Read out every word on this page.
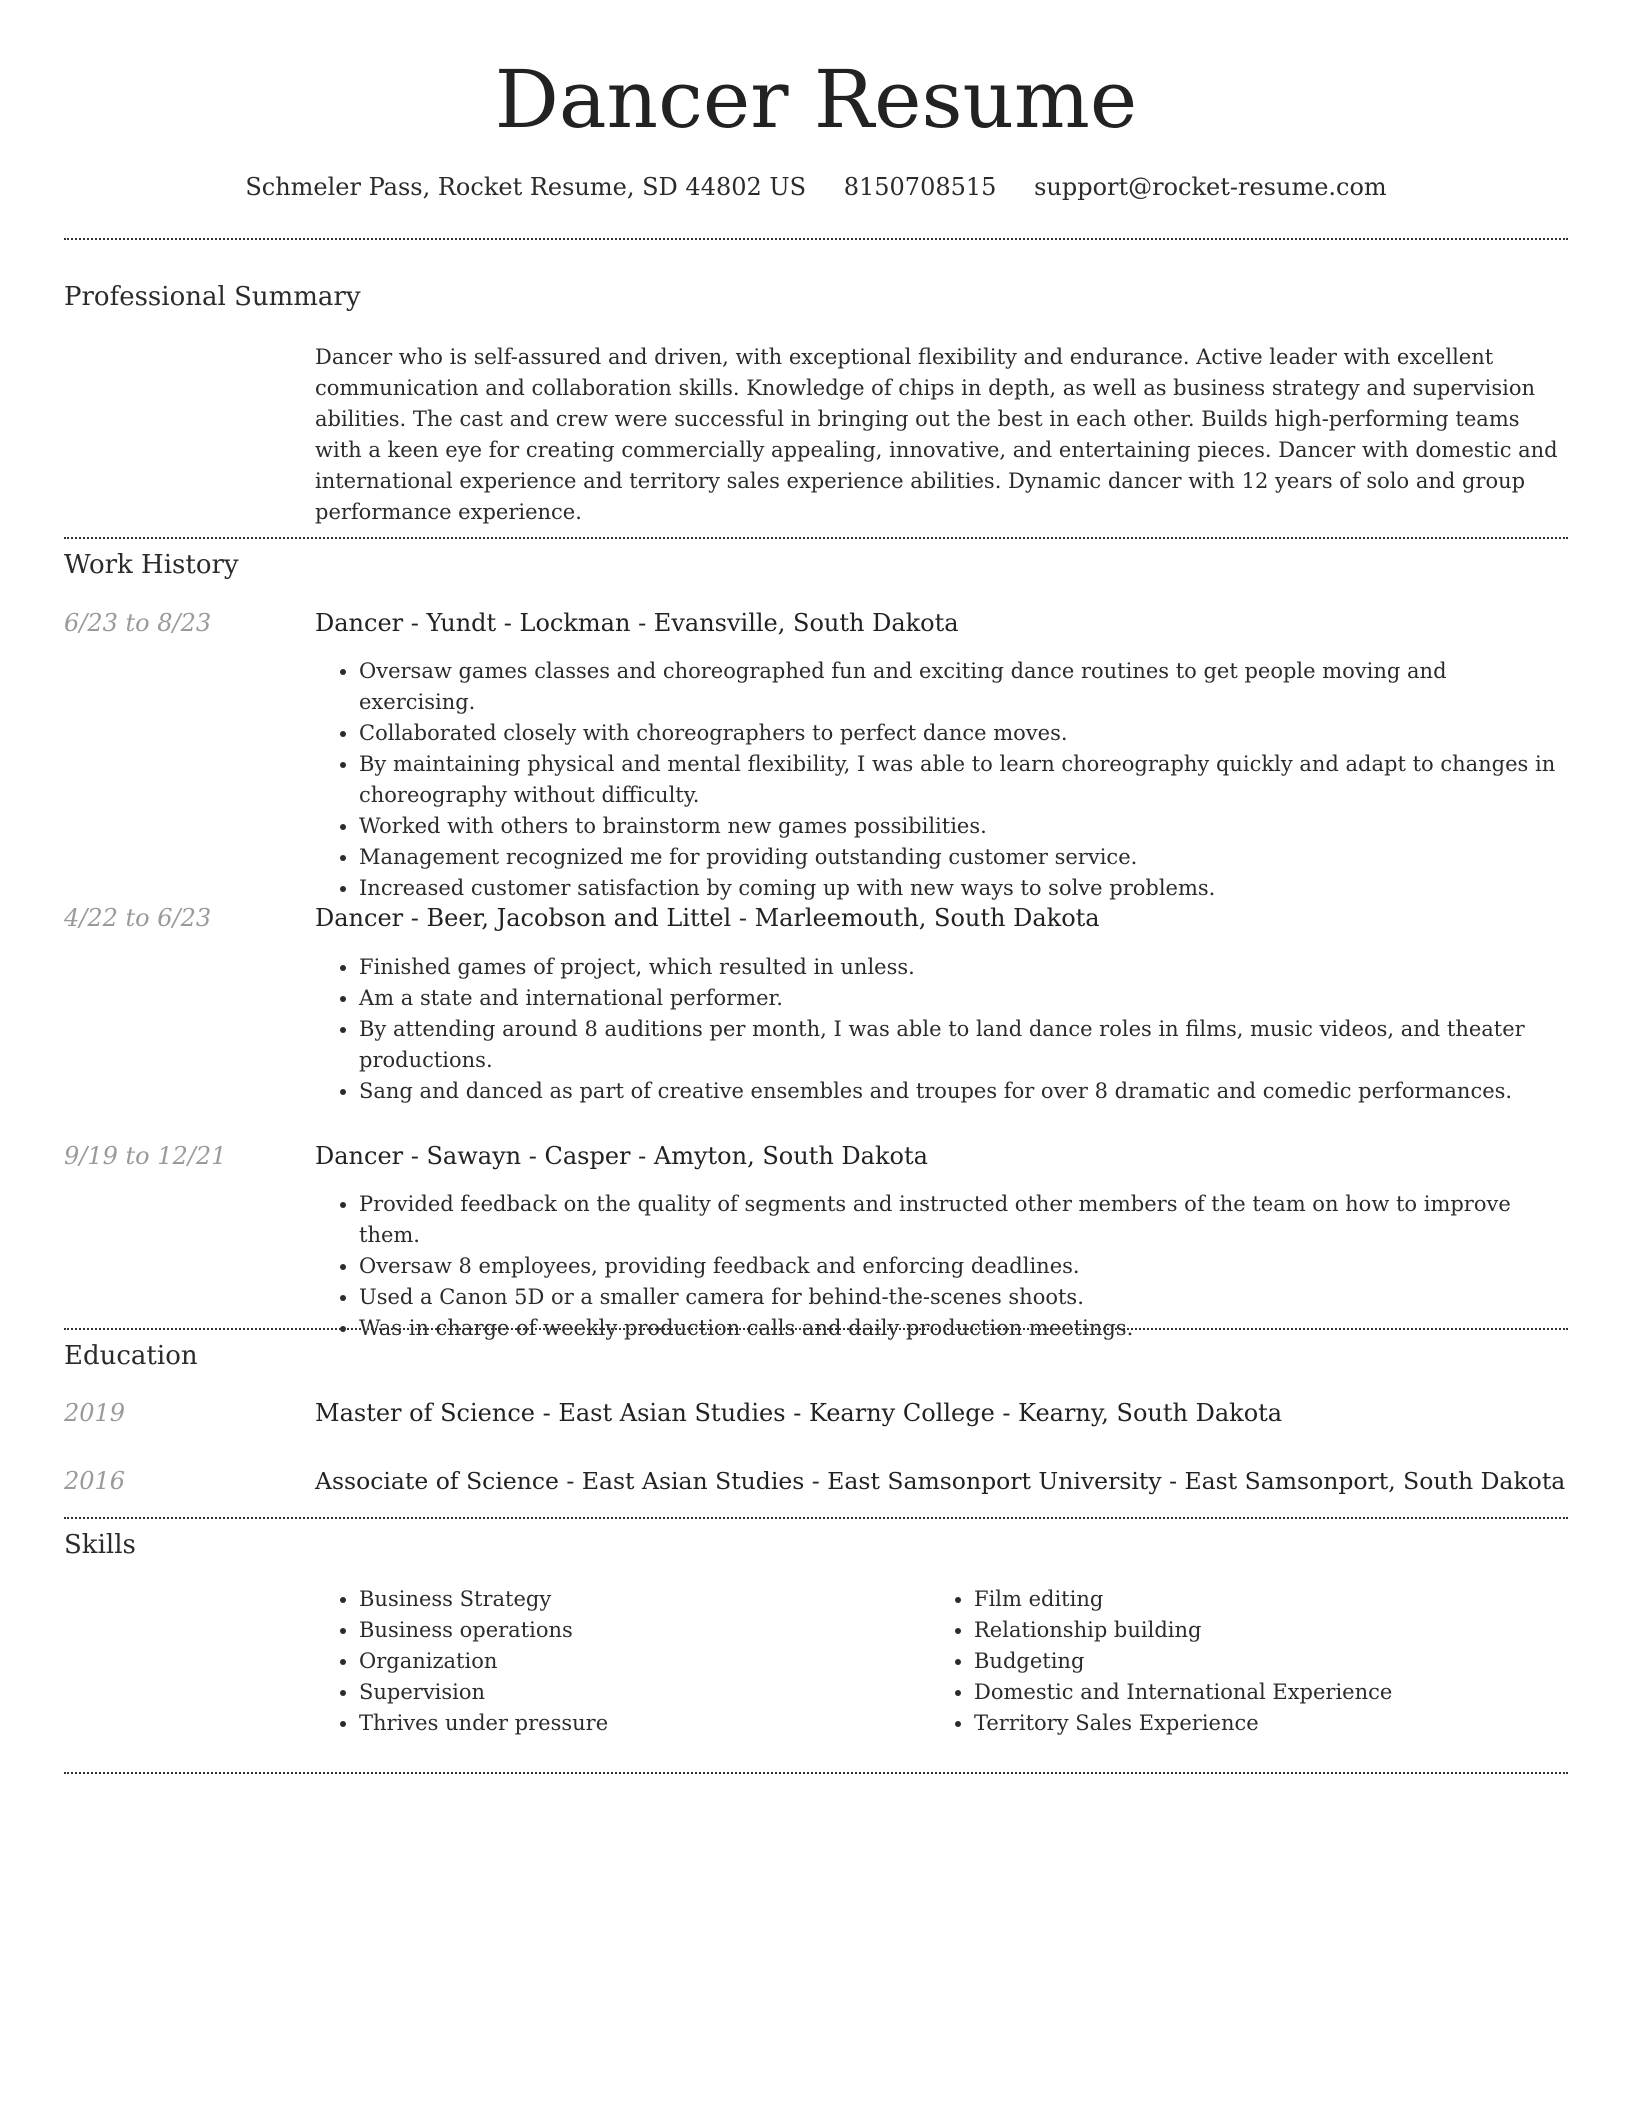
Dancer Resume
Schmeler Pass, Rocket Resume, SD 44802 US 8150708515 support@rocket-resume.com
Professional Summary
Dancer who is self-assured and driven, with exceptional flexibility and endurance. Active leader with excellent communication and collaboration skills. Knowledge of chips in depth, as well as business strategy and supervision abilities. The cast and crew were successful in bringing out the best in each other. Builds high-performing teams with a keen eye for creating commercially appealing, innovative, and entertaining pieces. Dancer with domestic and international experience and territory sales experience abilities. Dynamic dancer with 12 years of solo and group performance experience.
Work History
6/23 to 8/23	Dancer - Yundt - Lockman - Evansville, South Dakota
• Oversaw games classes and choreographed fun and exciting dance routines to get people moving and exercising.
• Collaborated closely with choreographers to perfect dance moves.
• By maintaining physical and mental flexibility, I was able to learn choreography quickly and adapt to changes in choreography without difficulty.
• Worked with others to brainstorm new games possibilities.
• Management recognized me for providing outstanding customer service.
• Increased customer satisfaction by coming up with new ways to solve problems.
4/22 to 6/23	Dancer - Beer, Jacobson and Littel - Marleemouth, South Dakota
• Finished games of project, which resulted in unless.
• Am a state and international performer.
• By attending around 8 auditions per month, I was able to land dance roles in films, music videos, and theater productions.
• Sang and danced as part of creative ensembles and troupes for over 8 dramatic and comedic performances.
9/19 to 12/21	Dancer - Sawayn - Casper - Amyton, South Dakota
• Provided feedback on the quality of segments and instructed other members of the team on how to improve them.
• Oversaw 8 employees, providing feedback and enforcing deadlines.
• Used a Canon 5D or a smaller camera for behind-the-scenes shoots.
• Was in charge of weekly production calls and daily production meetings.
Education
2019	Master of Science - East Asian Studies - Kearny College - Kearny, South Dakota
2016	Associate of Science - East Asian Studies - East Samsonport University - East Samsonport, South Dakota
Skills
• Business Strategy
• Business operations
• Organization
• Supervision
• Thrives under pressure
• Film editing
• Relationship building
• Budgeting
• Domestic and International Experience
• Territory Sales Experience
